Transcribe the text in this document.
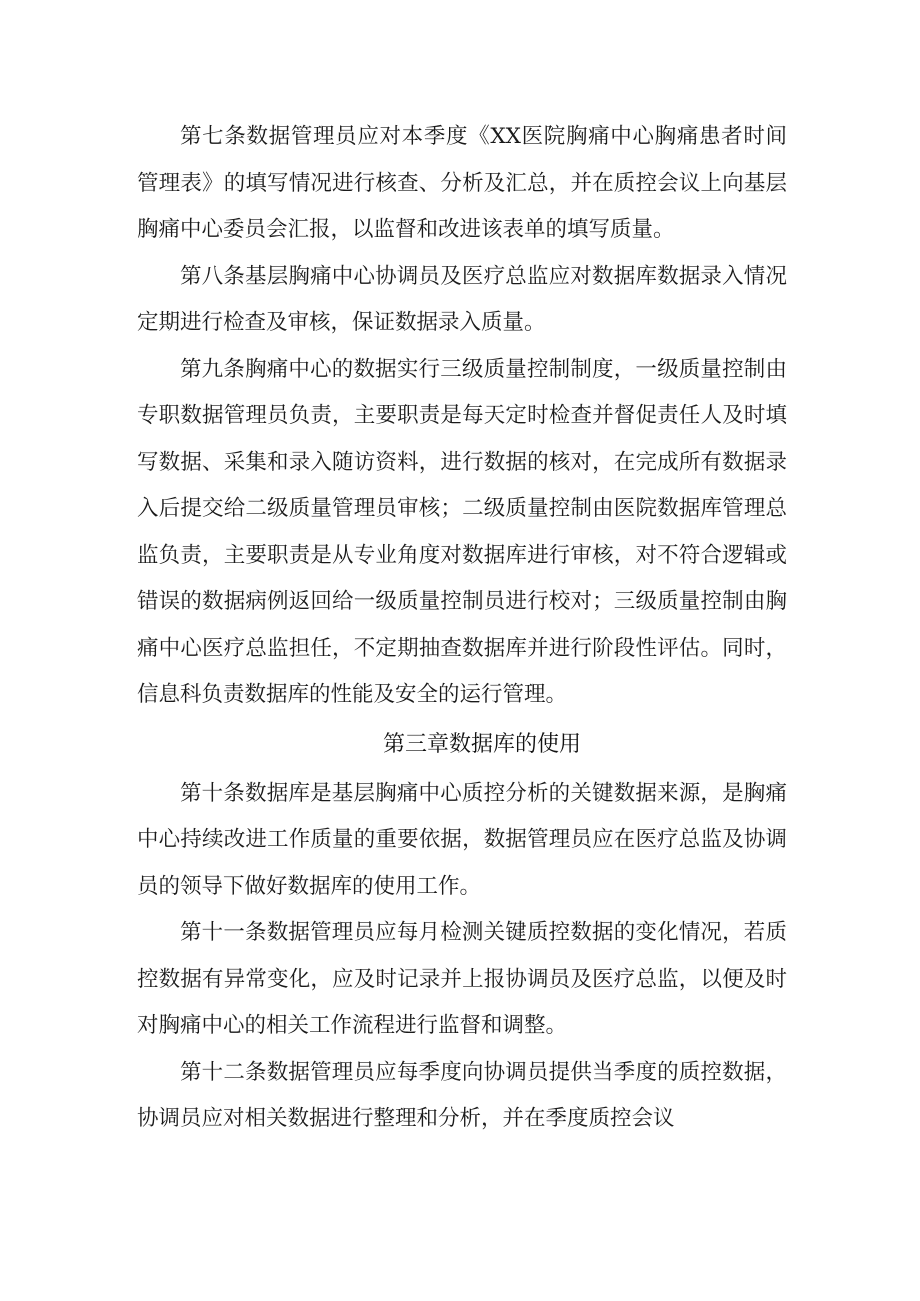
第七条数据管理员应对本季度《XX医院胸痛中心胸痛患者时间管理表》的填写情况进行核查、分析及汇总，并在质控会议上向基层胸痛中心委员会汇报，以监督和改进该表单的填写质量。

第八条基层胸痛中心协调员及医疗总监应对数据库数据录入情况定期进行检查及审核，保证数据录入质量。

第九条胸痛中心的数据实行三级质量控制制度，一级质量控制由专职数据管理员负责，主要职责是每天定时检查并督促责任人及时填写数据、采集和录入随访资料，进行数据的核对，在完成所有数据录入后提交给二级质量管理员审核；二级质量控制由医院数据库管理总监负责，主要职责是从专业角度对数据库进行审核，对不符合逻辑或错误的数据病例返回给一级质量控制员进行校对；三级质量控制由胸痛中心医疗总监担任，不定期抽查数据库并进行阶段性评估。同时，信息科负责数据库的性能及安全的运行管理。

第三章数据库的使用

第十条数据库是基层胸痛中心质控分析的关键数据来源，是胸痛中心持续改进工作质量的重要依据，数据管理员应在医疗总监及协调员的领导下做好数据库的使用工作。

第十一条数据管理员应每月检测关键质控数据的变化情况，若质控数据有异常变化，应及时记录并上报协调员及医疗总监，以便及时对胸痛中心的相关工作流程进行监督和调整。

第十二条数据管理员应每季度向协调员提供当季度的质控数据，协调员应对相关数据进行整理和分析，并在季度质控会议
